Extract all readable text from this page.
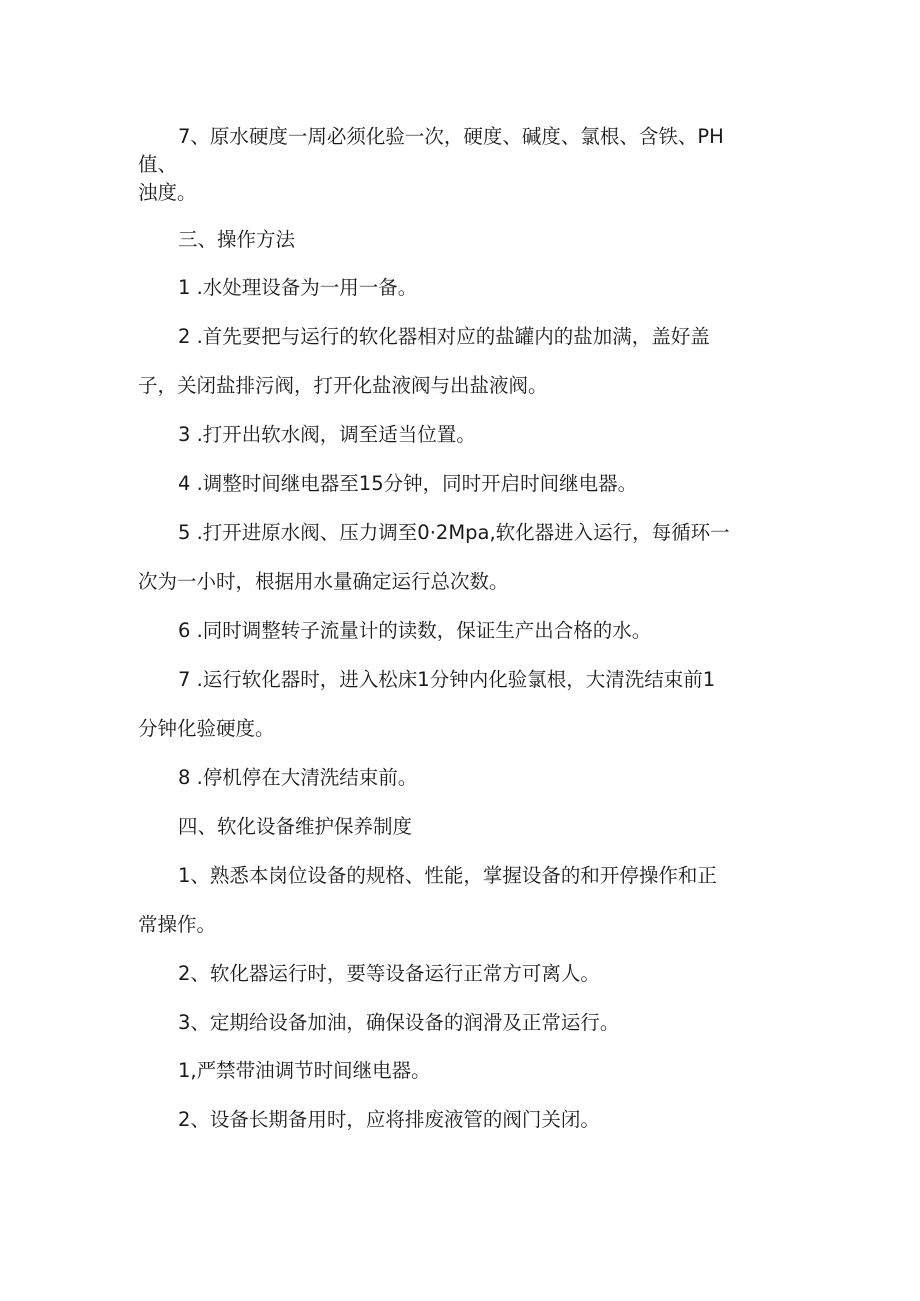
7、原水硬度一周必须化验一次，硬度、碱度、氯根、含铁、PH
值、
浊度。
三、操作方法
1 .水处理设备为一用一备。
2 .首先要把与运行的软化器相对应的盐罐内的盐加满，盖好盖
子，关闭盐排污阀，打开化盐液阀与出盐液阀。
3 .打开出软水阀，调至适当位置。
4 .调整时间继电器至15分钟，同时开启时间继电器。
5 .打开进原水阀、压力调至0·2Mpa,软化器进入运行，每循环一
次为一小时，根据用水量确定运行总次数。
6 .同时调整转子流量计的读数，保证生产出合格的水。
7 .运行软化器时，进入松床1分钟内化验氯根，大清洗结束前1
分钟化验硬度。
8 .停机停在大清洗结束前。
四、软化设备维护保养制度
1、熟悉本岗位设备的规格、性能，掌握设备的和开停操作和正
常操作。
2、软化器运行时，要等设备运行正常方可离人。
3、定期给设备加油，确保设备的润滑及正常运行。
1,严禁带油调节时间继电器。
2、设备长期备用时，应将排废液管的阀门关闭。
